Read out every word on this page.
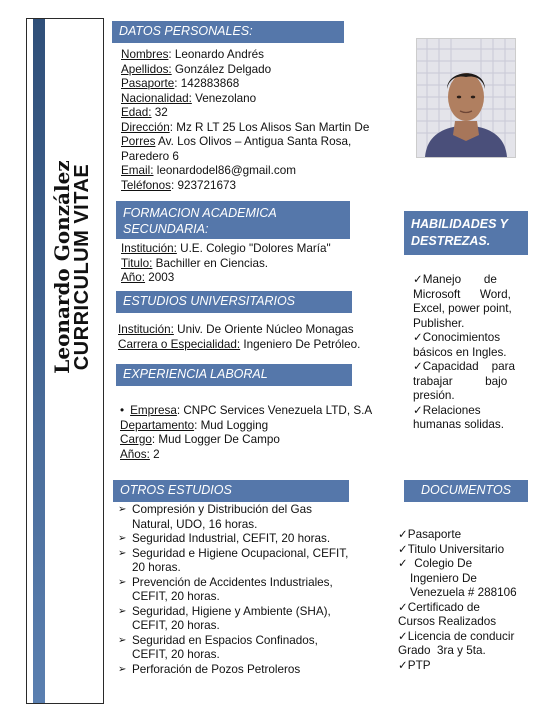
Leonardo González
CURRICULUM VITAE
DATOS PERSONALES:
Nombres: Leonardo Andrés
Apellidos: González Delgado
Pasaporte: 142883868
Nacionalidad: Venezolano
Edad: 32
Dirección: Mz R LT 25 Los Alisos San Martin De
Porres Av. Los Olivos – Antigua Santa Rosa,
Paredero 6
Email: leonardodel86@gmail.com
Teléfonos: 923721673
FORMACION ACADEMICA
SECUNDARIA:
Institución: U.E. Colegio "Dolores María"
Titulo: Bachiller en Ciencias.
Año: 2003
ESTUDIOS UNIVERSITARIOS
Institución: Univ. De Oriente Núcleo Monagas
Carrera o Especialidad: Ingeniero De Petróleo.
EXPERIENCIA LABORAL
• Empresa: CNPC Services Venezuela LTD, S.A
Departamento: Mud Logging
Cargo: Mud Logger De Campo
Años: 2
OTROS ESTUDIOS
➢ Compresión y Distribución del Gas
Natural, UDO, 16 horas.
➢ Seguridad Industrial, CEFIT, 20 horas.
➢ Seguridad e Higiene Ocupacional, CEFIT,
20 horas.
➢ Prevención de Accidentes Industriales,
CEFIT, 20 horas.
➢ Seguridad, Higiene y Ambiente (SHA),
CEFIT, 20 horas.
➢ Seguridad en Espacios Confinados,
CEFIT, 20 horas.
➢ Perforación de Pozos Petroleros
HABILIDADES Y DESTREZAS.
✓Manejo       de
Microsoft      Word,
Excel, power point,
Publisher.
✓Conocimientos
básicos en Ingles.
✓Capacidad    para
trabajar          bajo
presión.
✓Relaciones
humanas solidas.
DOCUMENTOS
✓Pasaporte
✓Titulo Universitario
✓  Colegio De
Ingeniero De
Venezuela # 288106
✓Certificado de
Cursos Realizados
✓Licencia de conducir
Grado  3ra y 5ta.
✓PTP
